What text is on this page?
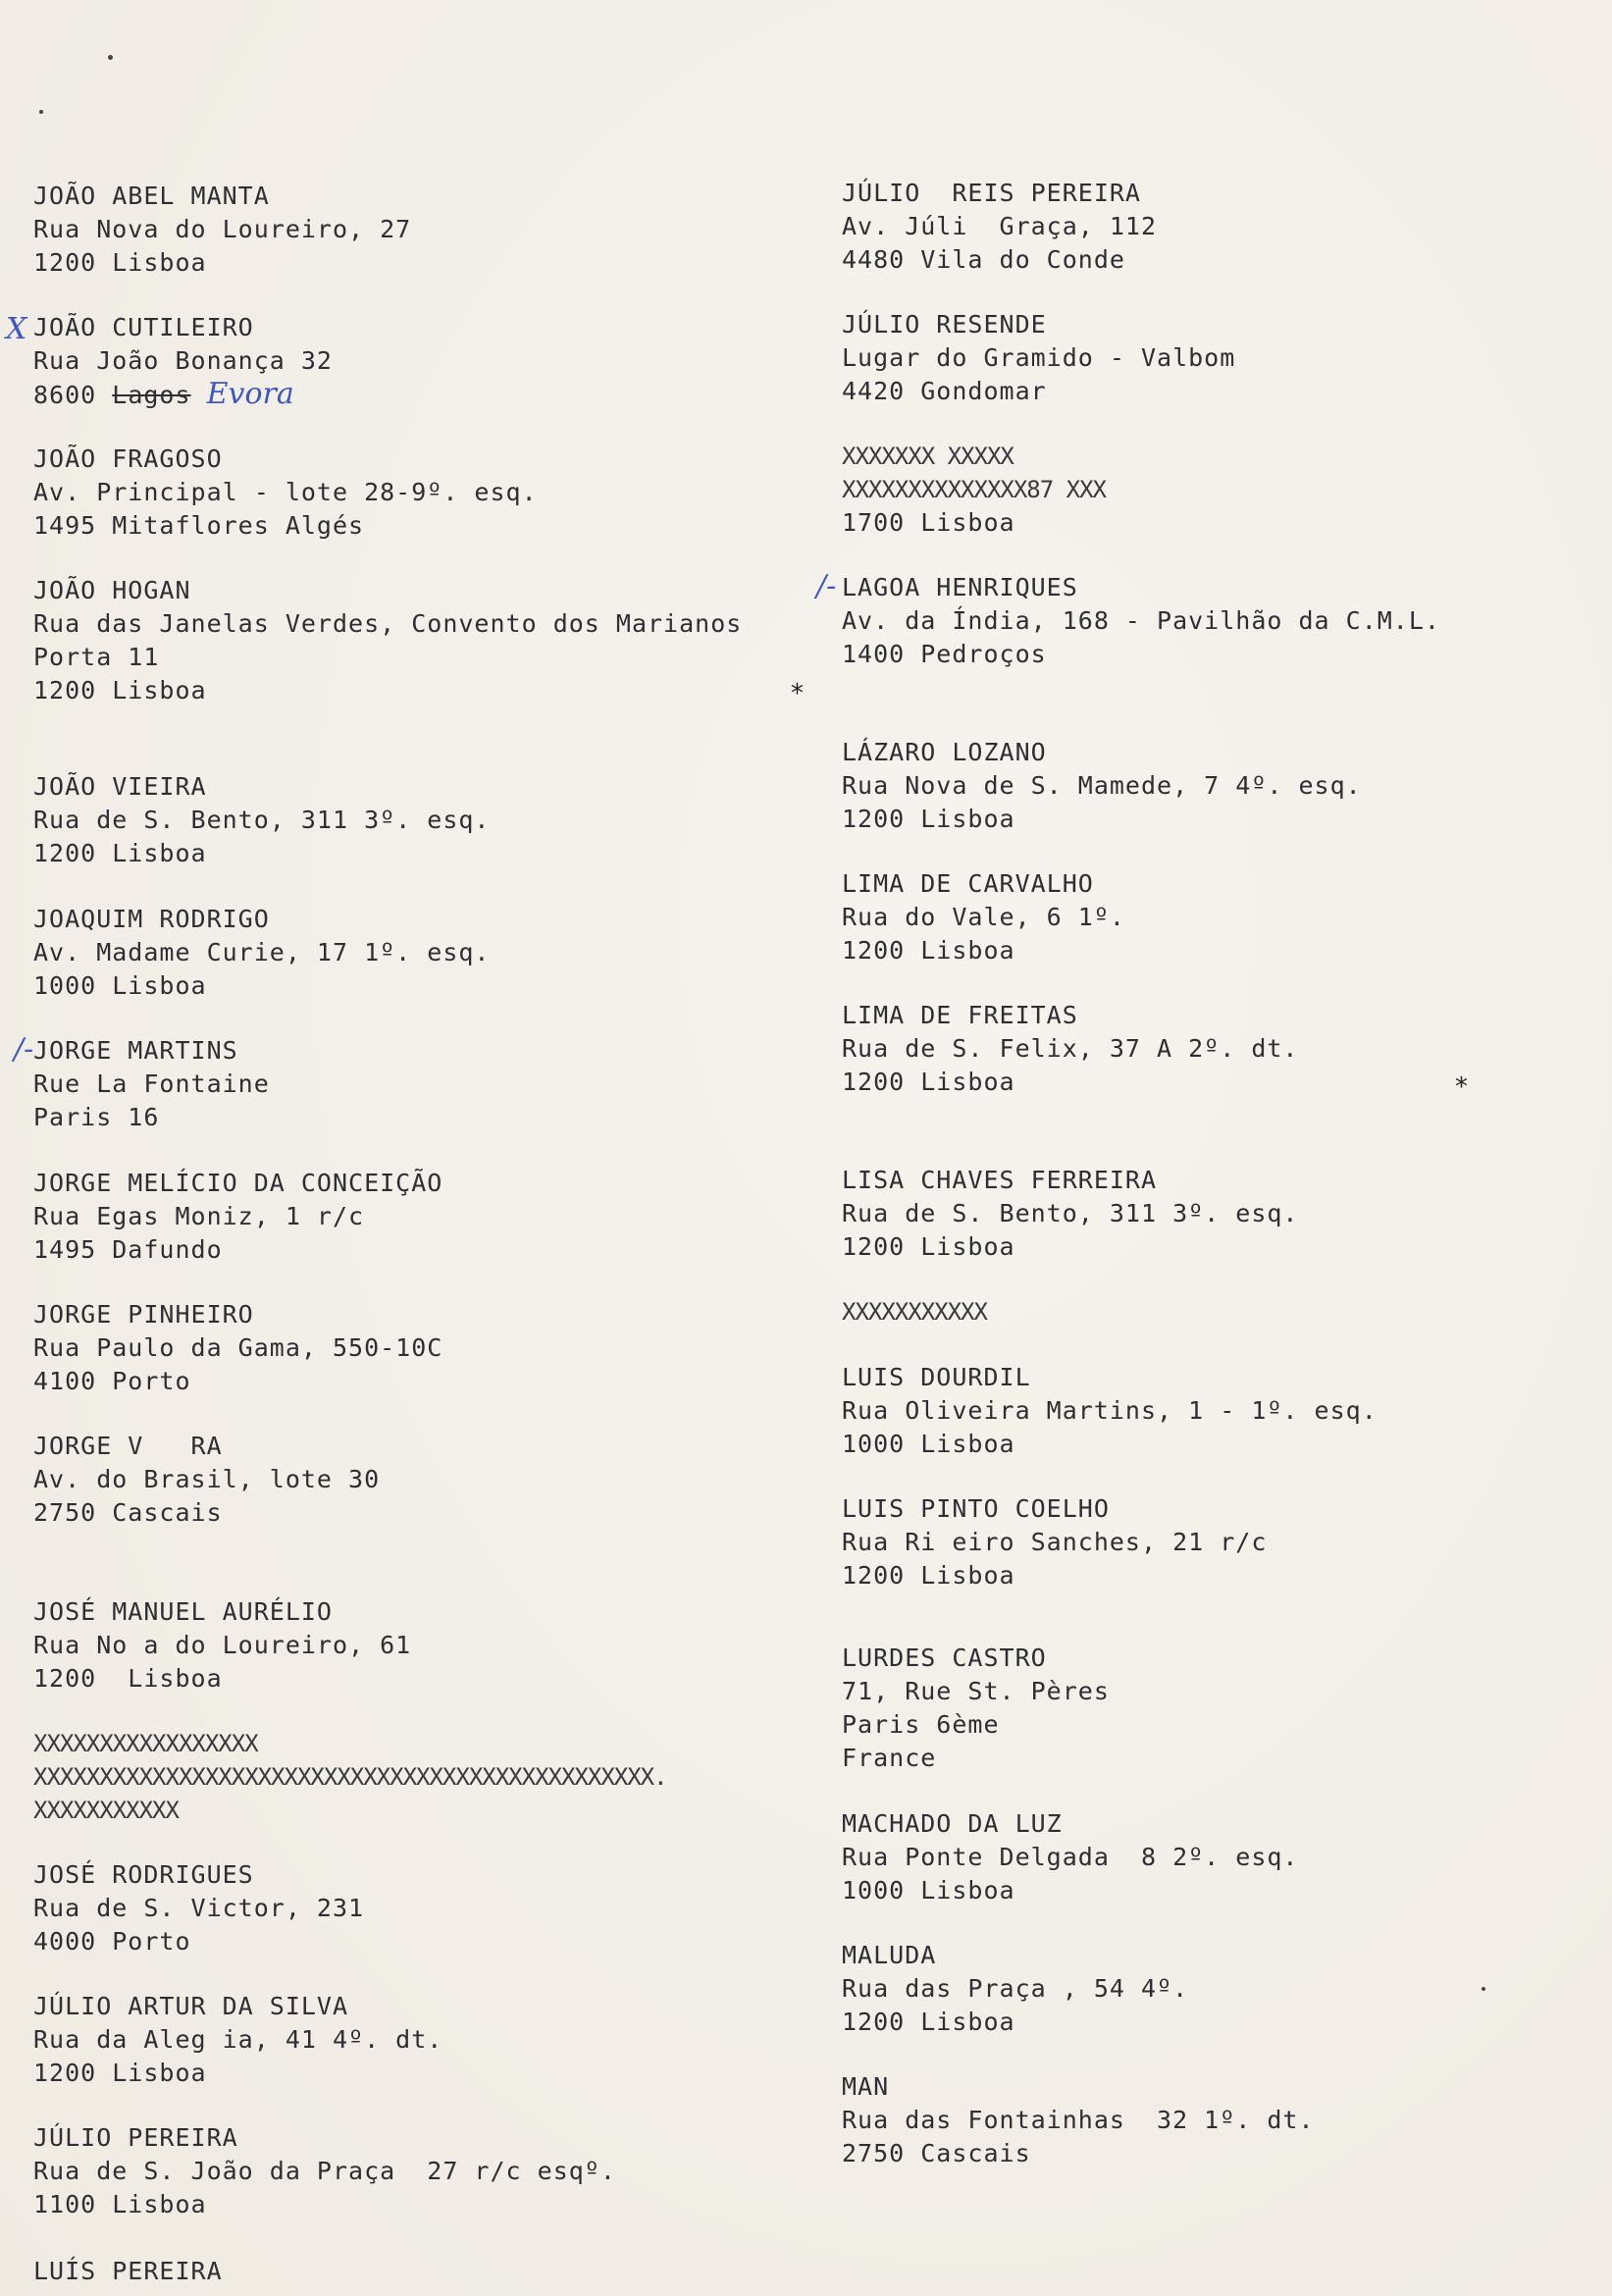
JOÃO ABEL MANTA
Rua Nova do Loureiro, 27
1200 Lisboa
JOÃO CUTILEIRO
Rua João Bonança 32
8600 Lagos Evora
JOÃO FRAGOSO
Av. Principal - lote 28-9º. esq.
1495 Mitaflores Algés
JOÃO HOGAN
Rua das Janelas Verdes, Convento dos Marianos
Porta 11
1200 Lisboa
JOÃO VIEIRA
Rua de S. Bento, 311 3º. esq.
1200 Lisboa
JOAQUIM RODRIGO
Av. Madame Curie, 17 1º. esq.
1000 Lisboa
JORGE MARTINS
Rue La Fontaine
Paris 16
JORGE MELÍCIO DA CONCEIÇÃO
Rua Egas Moniz, 1 r/c
1495 Dafundo
JORGE PINHEIRO
Rua Paulo da Gama, 550-10C
4100 Porto
JORGE V   RA
Av. do Brasil, lote 30
2750 Cascais
JOSÉ MANUEL AURÉLIO
Rua No a do Loureiro, 61
1200  Lisboa
XXXXXXXXXXXXXXXXX
XXXXXXXXXXXXXXXXXXXXXXXXXXXXXXXXXXXXXXXXXXXXXXX.
XXXXXXXXXXX
JOSÉ RODRIGUES
Rua de S. Victor, 231
4000 Porto
JÚLIO ARTUR DA SILVA
Rua da Aleg ia, 41 4º. dt.
1200 Lisboa
JÚLIO PEREIRA
Rua de S. João da Praça  27 r/c esqº.
1100 Lisboa
LUÍS PEREIRA
JÚLIO  REIS PEREIRA
Av. Júli  Graça, 112
4480 Vila do Conde
JÚLIO RESENDE
Lugar do Gramido - Valbom
4420 Gondomar
XXXXXXX XXXXX
XXXXXXXXXXXXXX87 XXX
1700 Lisboa
LAGOA HENRIQUES
Av. da Índia, 168 - Pavilhão da C.M.L.
1400 Pedroços
LÁZARO LOZANO
Rua Nova de S. Mamede, 7 4º. esq.
1200 Lisboa
LIMA DE CARVALHO
Rua do Vale, 6 1º.
1200 Lisboa
LIMA DE FREITAS
Rua de S. Felix, 37 A 2º. dt.
1200 Lisboa
LISA CHAVES FERREIRA
Rua de S. Bento, 311 3º. esq.
1200 Lisboa
XXXXXXXXXXX
LUIS DOURDIL
Rua Oliveira Martins, 1 - 1º. esq.
1000 Lisboa
LUIS PINTO COELHO
Rua Ri eiro Sanches, 21 r/c
1200 Lisboa
LURDES CASTRO
71, Rue St. Pères
Paris 6ème
France
MACHADO DA LUZ
Rua Ponte Delgada  8 2º. esq.
1000 Lisboa
MALUDA
Rua das Praça , 54 4º.
1200 Lisboa
MAN
Rua das Fontainhas  32 1º. dt.
2750 Cascais
X
/-
/-
*
*
